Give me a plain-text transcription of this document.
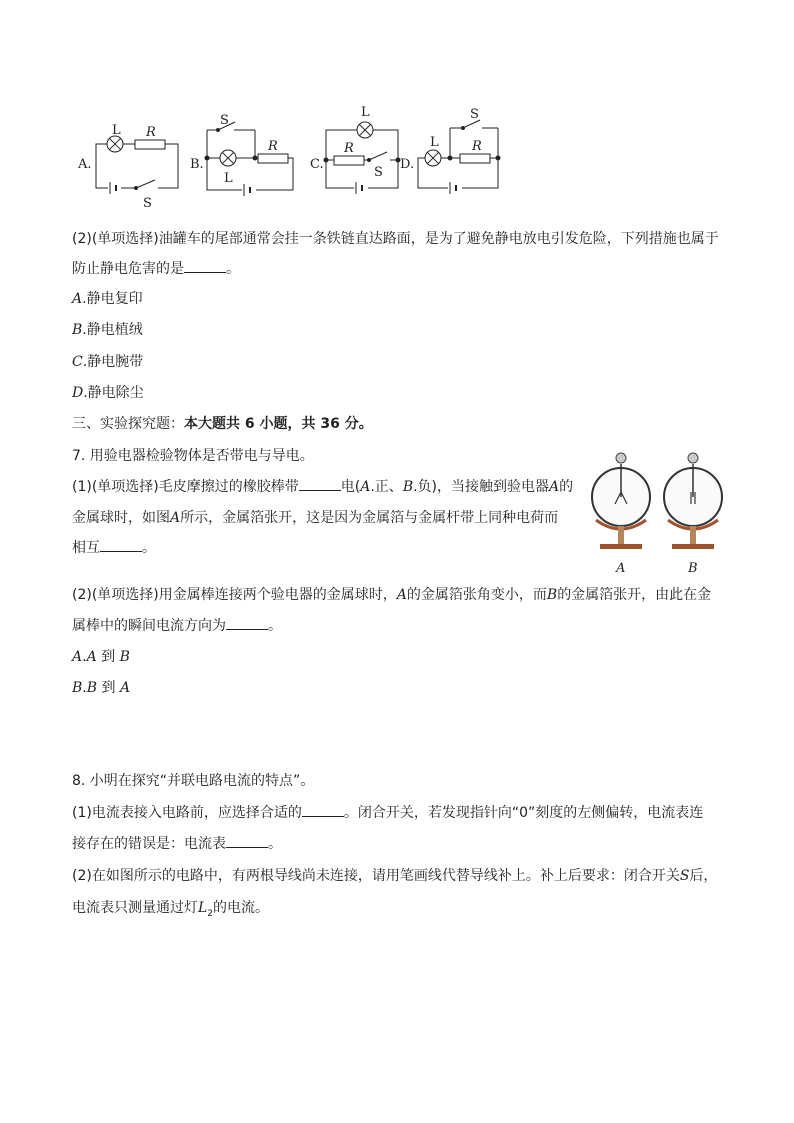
A.
L R
S
B.
L
R
S
C.
L
R
S
D.
L	R
S
(2)(单项选择)油罐车的尾部通常会挂一条铁链直达路面，是为了避免静电放电引发危险，下列措施也属于
防止静电危害的是	。
A.静电复印
B.静电植绒
C.静电腕带
D.静电除尘
三、实验探究题：本大题共 6 小题，共 36 分。
7. 用验电器检验物体是否带电与导电。
(1)(单项选择)毛皮摩擦过的橡胶棒带	电(A.正、B.负)，当接触到验电器A的
金属球时，如图A所示，金属箔张开，这是因为金属箔与金属杆带上同种电荷而
相互	。
A	B
(2)(单项选择)用金属棒连接两个验电器的金属球时，A的金属箔张角变小，而B的金属箔张开，由此在金
属棒中的瞬间电流方向为	。
A.A 到 B
B.B 到 A
8. 小明在探究“并联电路电流的特点”。
(1)电流表接入电路前，应选择合适的	。闭合开关，若发现指针向“0”刻度的左侧偏转，电流表连
接存在的错误是：电流表	。
(2)在如图所示的电路中，有两根导线尚未连接，请用笔画线代替导线补上。补上后要求：闭合开关S后，
电流表只测量通过灯$L_2$的电流。
